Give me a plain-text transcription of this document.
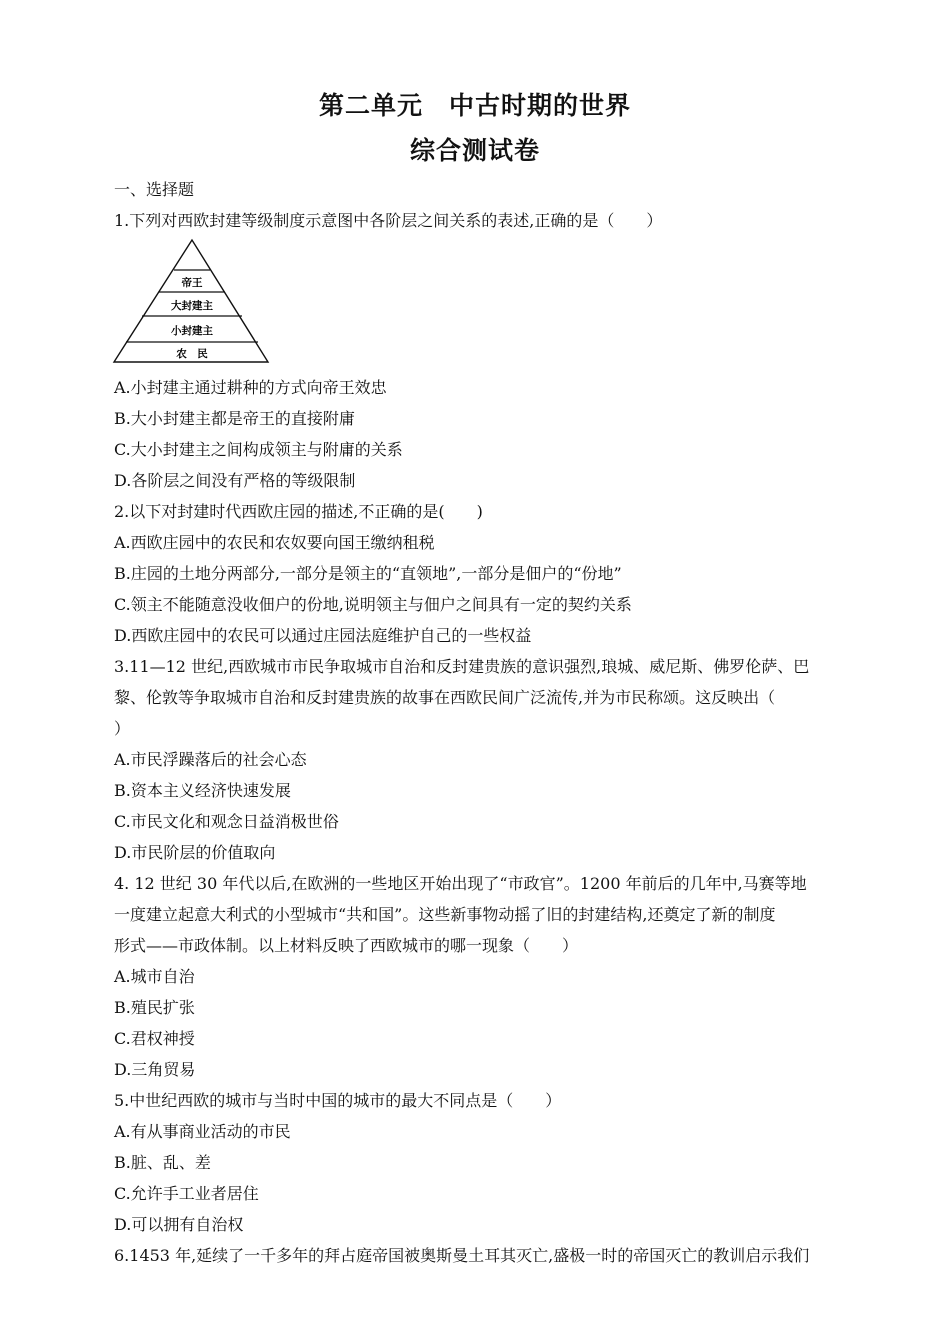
第二单元　中古时期的世界
综合测试卷
一、选择题
1.下列对西欧封建等级制度示意图中各阶层之间关系的表述,正确的是（　　）
帝王
大封建主
小封建主
农　民
A.小封建主通过耕种的方式向帝王效忠
B.大小封建主都是帝王的直接附庸
C.大小封建主之间构成领主与附庸的关系
D.各阶层之间没有严格的等级限制
2.以下对封建时代西欧庄园的描述,不正确的是(　　)
A.西欧庄园中的农民和农奴要向国王缴纳租税
B.庄园的土地分两部分,一部分是领主的“直领地”,一部分是佃户的“份地”
C.领主不能随意没收佃户的份地,说明领主与佃户之间具有一定的契约关系
D.西欧庄园中的农民可以通过庄园法庭维护自己的一些权益
3.11—12 世纪,西欧城市市民争取城市自治和反封建贵族的意识强烈,琅城、威尼斯、佛罗伦萨、巴
黎、伦敦等争取城市自治和反封建贵族的故事在西欧民间广泛流传,并为市民称颂。这反映出（
）
A.市民浮躁落后的社会心态
B.资本主义经济快速发展
C.市民文化和观念日益消极世俗
D.市民阶层的价值取向
4. 12 世纪 30 年代以后,在欧洲的一些地区开始出现了“市政官”。1200 年前后的几年中,马赛等地
一度建立起意大利式的小型城市“共和国”。这些新事物动摇了旧的封建结构,还奠定了新的制度
形式——市政体制。以上材料反映了西欧城市的哪一现象（　　）
A.城市自治
B.殖民扩张
C.君权神授
D.三角贸易
5.中世纪西欧的城市与当时中国的城市的最大不同点是（　　）
A.有从事商业活动的市民
B.脏、乱、差
C.允许手工业者居住
D.可以拥有自治权
6.1453 年,延续了一千多年的拜占庭帝国被奥斯曼土耳其灭亡,盛极一时的帝国灭亡的教训启示我们
